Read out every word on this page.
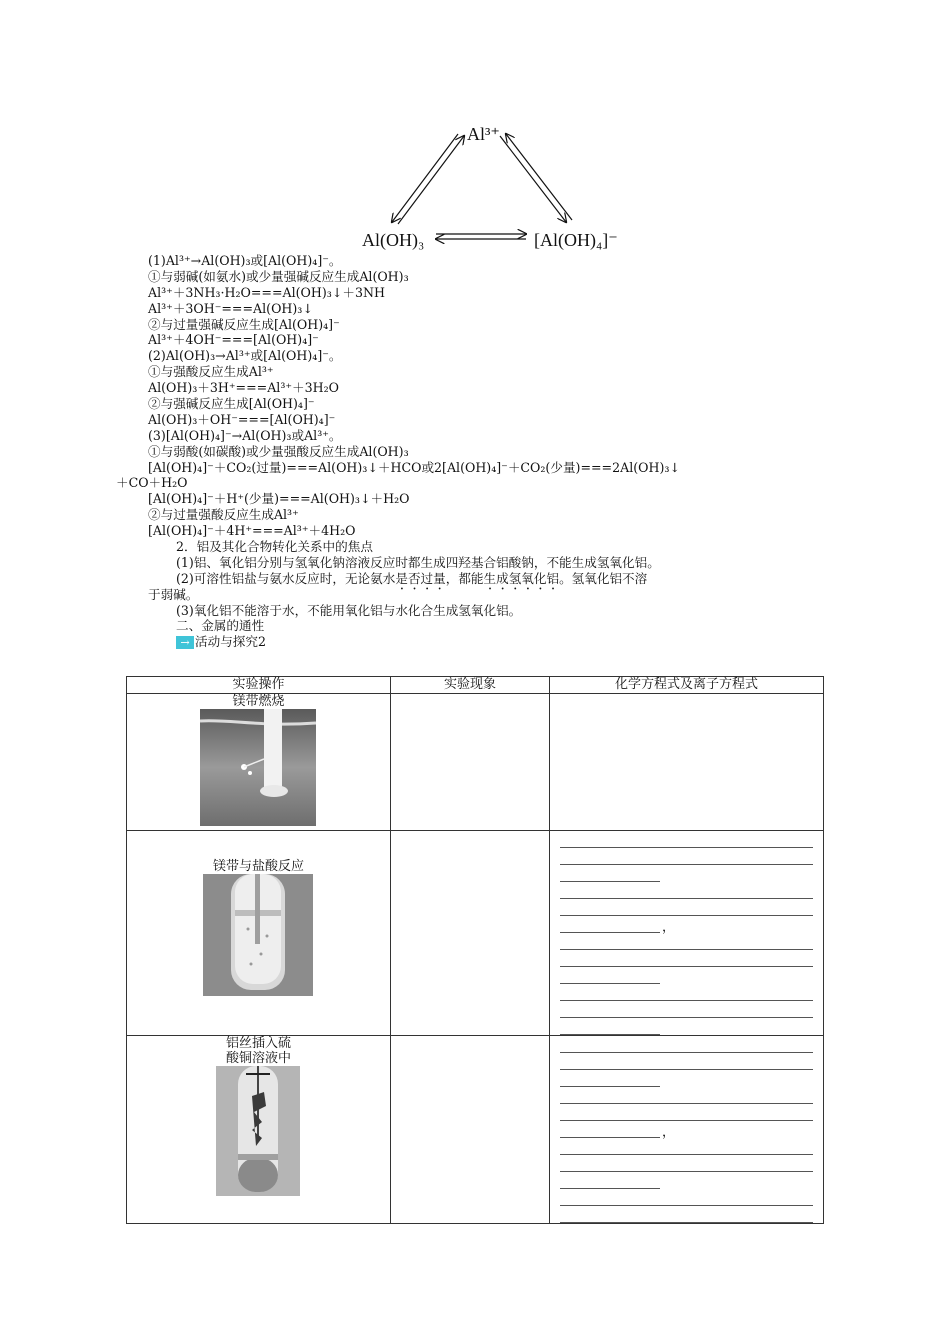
Al³⁺
Al(OH)₃	[Al(OH)₄]⁻
(1)Al³⁺→Al(OH)₃或[Al(OH)₄]⁻。
①与弱碱(如氨水)或少量强碱反应生成Al(OH)₃
Al³⁺＋3NH₃·H₂O===Al(OH)₃↓＋3NH
Al³⁺＋3OH⁻===Al(OH)₃↓
②与过量强碱反应生成[Al(OH)₄]⁻
Al³⁺＋4OH⁻===[Al(OH)₄]⁻
(2)Al(OH)₃→Al³⁺或[Al(OH)₄]⁻。
①与强酸反应生成Al³⁺
Al(OH)₃＋3H⁺===Al³⁺＋3H₂O
②与强碱反应生成[Al(OH)₄]⁻
Al(OH)₃＋OH⁻===[Al(OH)₄]⁻
(3)[Al(OH)₄]⁻→Al(OH)₃或Al³⁺。
①与弱酸(如碳酸)或少量强酸反应生成Al(OH)₃
[Al(OH)₄]⁻＋CO₂(过量)===Al(OH)₃↓＋HCO或2[Al(OH)₄]⁻＋CO₂(少量)===2Al(OH)₃↓
＋CO＋H₂O
[Al(OH)₄]⁻＋H⁺(少量)===Al(OH)₃↓＋H₂O
②与过量强酸反应生成Al³⁺
[Al(OH)₄]⁻＋4H⁺===Al³⁺＋4H₂O
2．铝及其化合物转化关系中的焦点
(1)铝、氧化铝分别与氢氧化钠溶液反应时都生成四羟基合铝酸钠，不能生成氢氧化铝。
(2)可溶性铝盐与氨水反应时，无论氨水是否过量，都能生成氢氧化铝。氢氧化铝不溶
于弱碱。
(3)氧化铝不能溶于水，不能用氧化铝与水化合生成氢氧化铝。
二、金属的通性
→ 活动与探究2
实验操作	实验现象	化学方程式及离子方程式

镁带燃烧		

镁带与盐酸反应		，

铝丝插入硫
酸铜溶液中		，
